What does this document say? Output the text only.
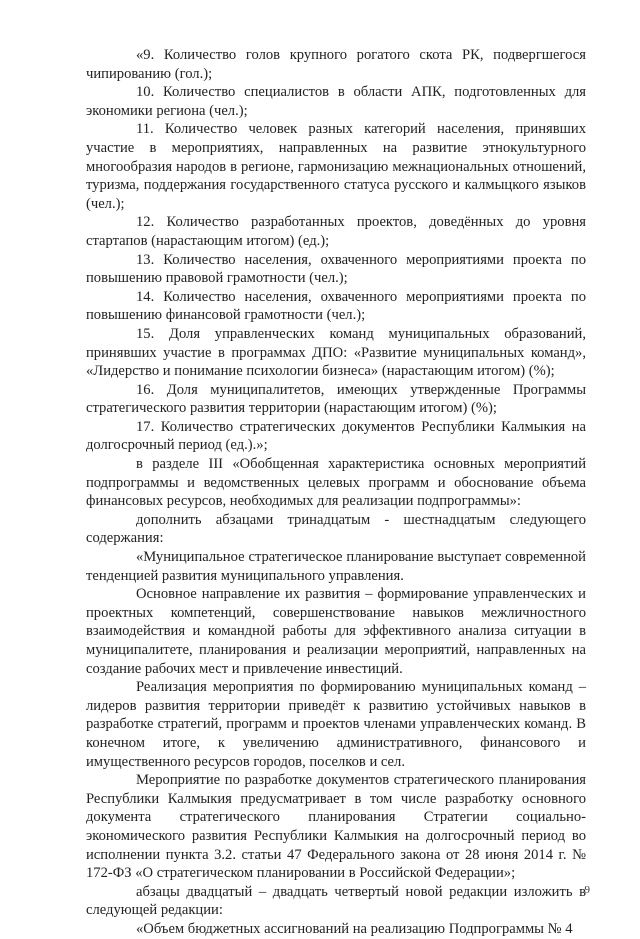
«9. Количество голов крупного рогатого скота РК, подвергшегося чипированию (гол.);

10. Количество специалистов в области АПК, подготовленных для экономики региона (чел.);

11. Количество человек разных категорий населения, принявших участие в мероприятиях, направленных на развитие этнокультурного многообразия народов в регионе, гармонизацию межнациональных отношений, туризма, поддержания государственного статуса русского и калмыцкого языков (чел.);

12. Количество разработанных проектов, доведённых до уровня стартапов (нарастающим итогом) (ед.);

13. Количество населения, охваченного мероприятиями проекта по повышению правовой грамотности (чел.);

14. Количество населения, охваченного мероприятиями проекта по повышению финансовой грамотности (чел.);

15. Доля управленческих команд муниципальных образований, принявших участие в программах ДПО: «Развитие муниципальных команд», «Лидерство и понимание психологии бизнеса» (нарастающим итогом) (%);

16. Доля муниципалитетов, имеющих утвержденные Программы стратегического развития территории (нарастающим итогом) (%);

17. Количество стратегических документов Республики Калмыкия на долгосрочный период (ед.).»;

в разделе III «Обобщенная характеристика основных мероприятий подпрограммы и ведомственных целевых программ и обоснование объема финансовых ресурсов, необходимых для реализации подпрограммы»:

дополнить абзацами тринадцатым - шестнадцатым следующего содержания:

«Муниципальное стратегическое планирование выступает современной тенденцией развития муниципального управления.

Основное направление их развития – формирование управленческих и проектных компетенций, совершенствование навыков межличностного взаимодействия и командной работы для эффективного анализа ситуации в муниципалитете, планирования и реализации мероприятий, направленных на создание рабочих мест и привлечение инвестиций.

Реализация мероприятия по формированию муниципальных команд – лидеров развития территории приведёт к развитию устойчивых навыков в разработке стратегий, программ и проектов членами управленческих команд. В конечном итоге, к увеличению административного, финансового и имущественного ресурсов городов, поселков и сел.

Мероприятие по разработке документов стратегического планирования Республики Калмыкия предусматривает в том числе разработку основного документа стратегического планирования Стратегии социально-экономического развития Республики Калмыкия на долгосрочный период во исполнении пункта 3.2. статьи 47 Федерального закона от 28 июня 2014 г. № 172-ФЗ «О стратегическом планировании в Российской Федерации»;

абзацы двадцатый – двадцать четвертый новой редакции изложить в следующей редакции:

«Объем бюджетных ассигнований на реализацию Подпрограммы № 4

9
